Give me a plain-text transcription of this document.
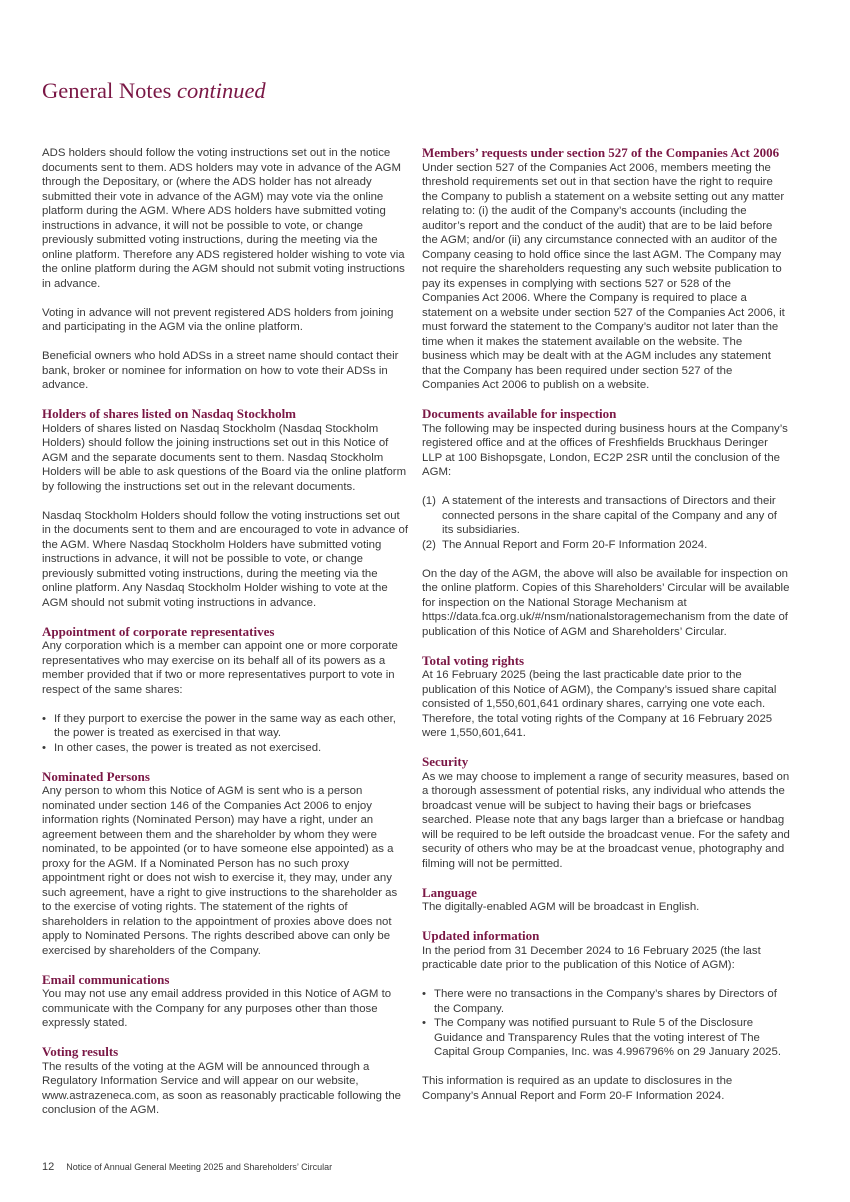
General Notes continued

ADS holders should follow the voting instructions set out in the notice documents sent to them. ADS holders may vote in advance of the AGM through the Depositary, or (where the ADS holder has not already submitted their vote in advance of the AGM) may vote via the online platform during the AGM. Where ADS holders have submitted voting instructions in advance, it will not be possible to vote, or change previously submitted voting instructions, during the meeting via the online platform. Therefore any ADS registered holder wishing to vote via the online platform during the AGM should not submit voting instructions in advance.

Voting in advance will not prevent registered ADS holders from joining and participating in the AGM via the online platform.

Beneficial owners who hold ADSs in a street name should contact their bank, broker or nominee for information on how to vote their ADSs in advance.

Holders of shares listed on Nasdaq Stockholm

Holders of shares listed on Nasdaq Stockholm (Nasdaq Stockholm Holders) should follow the joining instructions set out in this Notice of AGM and the separate documents sent to them. Nasdaq Stockholm Holders will be able to ask questions of the Board via the online platform by following the instructions set out in the relevant documents.

Nasdaq Stockholm Holders should follow the voting instructions set out in the documents sent to them and are encouraged to vote in advance of the AGM. Where Nasdaq Stockholm Holders have submitted voting instructions in advance, it will not be possible to vote, or change previously submitted voting instructions, during the meeting via the online platform. Any Nasdaq Stockholm Holder wishing to vote at the AGM should not submit voting instructions in advance.

Appointment of corporate representatives

Any corporation which is a member can appoint one or more corporate representatives who may exercise on its behalf all of its powers as a member provided that if two or more representatives purport to vote in respect of the same shares:

• If they purport to exercise the power in the same way as each other, the power is treated as exercised in that way.
• In other cases, the power is treated as not exercised.
Nominated Persons

Any person to whom this Notice of AGM is sent who is a person nominated under section 146 of the Companies Act 2006 to enjoy information rights (Nominated Person) may have a right, under an agreement between them and the shareholder by whom they were nominated, to be appointed (or to have someone else appointed) as a proxy for the AGM. If a Nominated Person has no such proxy appointment right or does not wish to exercise it, they may, under any such agreement, have a right to give instructions to the shareholder as to the exercise of voting rights. The statement of the rights of shareholders in relation to the appointment of proxies above does not apply to Nominated Persons. The rights described above can only be exercised by shareholders of the Company.

Email communications

You may not use any email address provided in this Notice of AGM to communicate with the Company for any purposes other than those expressly stated.

Voting results

The results of the voting at the AGM will be announced through a Regulatory Information Service and will appear on our website, www.astrazeneca.com, as soon as reasonably practicable following the conclusion of the AGM.

Members’ requests under section 527 of the Companies Act 2006

Under section 527 of the Companies Act 2006, members meeting the threshold requirements set out in that section have the right to require the Company to publish a statement on a website setting out any matter relating to: (i) the audit of the Company’s accounts (including the auditor’s report and the conduct of the audit) that are to be laid before the AGM; and/or (ii) any circumstance connected with an auditor of the Company ceasing to hold office since the last AGM. The Company may not require the shareholders requesting any such website publication to pay its expenses in complying with sections 527 or 528 of the Companies Act 2006. Where the Company is required to place a statement on a website under section 527 of the Companies Act 2006, it must forward the statement to the Company’s auditor not later than the time when it makes the statement available on the website. The business which may be dealt with at the AGM includes any statement that the Company has been required under section 527 of the Companies Act 2006 to publish on a website.

Documents available for inspection

The following may be inspected during business hours at the Company’s registered office and at the offices of Freshfields Bruckhaus Deringer LLP at 100 Bishopsgate, London, EC2P 2SR until the conclusion of the AGM:

(1) A statement of the interests and transactions of Directors and their connected persons in the share capital of the Company and any of its subsidiaries.
(2) The Annual Report and Form 20-F Information 2024.

On the day of the AGM, the above will also be available for inspection on the online platform. Copies of this Shareholders’ Circular will be available for inspection on the National Storage Mechanism at https://data.fca.org.uk/#/nsm/nationalstoragemechanism from the date of publication of this Notice of AGM and Shareholders’ Circular.

Total voting rights

At 16 February 2025 (being the last practicable date prior to the publication of this Notice of AGM), the Company’s issued share capital consisted of 1,550,601,641 ordinary shares, carrying one vote each. Therefore, the total voting rights of the Company at 16 February 2025 were 1,550,601,641.

Security

As we may choose to implement a range of security measures, based on a thorough assessment of potential risks, any individual who attends the broadcast venue will be subject to having their bags or briefcases searched. Please note that any bags larger than a briefcase or handbag will be required to be left outside the broadcast venue. For the safety and security of others who may be at the broadcast venue, photography and filming will not be permitted.

Language

The digitally-enabled AGM will be broadcast in English.

Updated information

In the period from 31 December 2024 to 16 February 2025 (the last practicable date prior to the publication of this Notice of AGM):

• There were no transactions in the Company’s shares by Directors of the Company.
• The Company was notified pursuant to Rule 5 of the Disclosure Guidance and Transparency Rules that the voting interest of The Capital Group Companies, Inc. was 4.996796% on 29 January 2025.

This information is required as an update to disclosures in the Company’s Annual Report and Form 20-F Information 2024.

12 Notice of Annual General Meeting 2025 and Shareholders’ Circular
